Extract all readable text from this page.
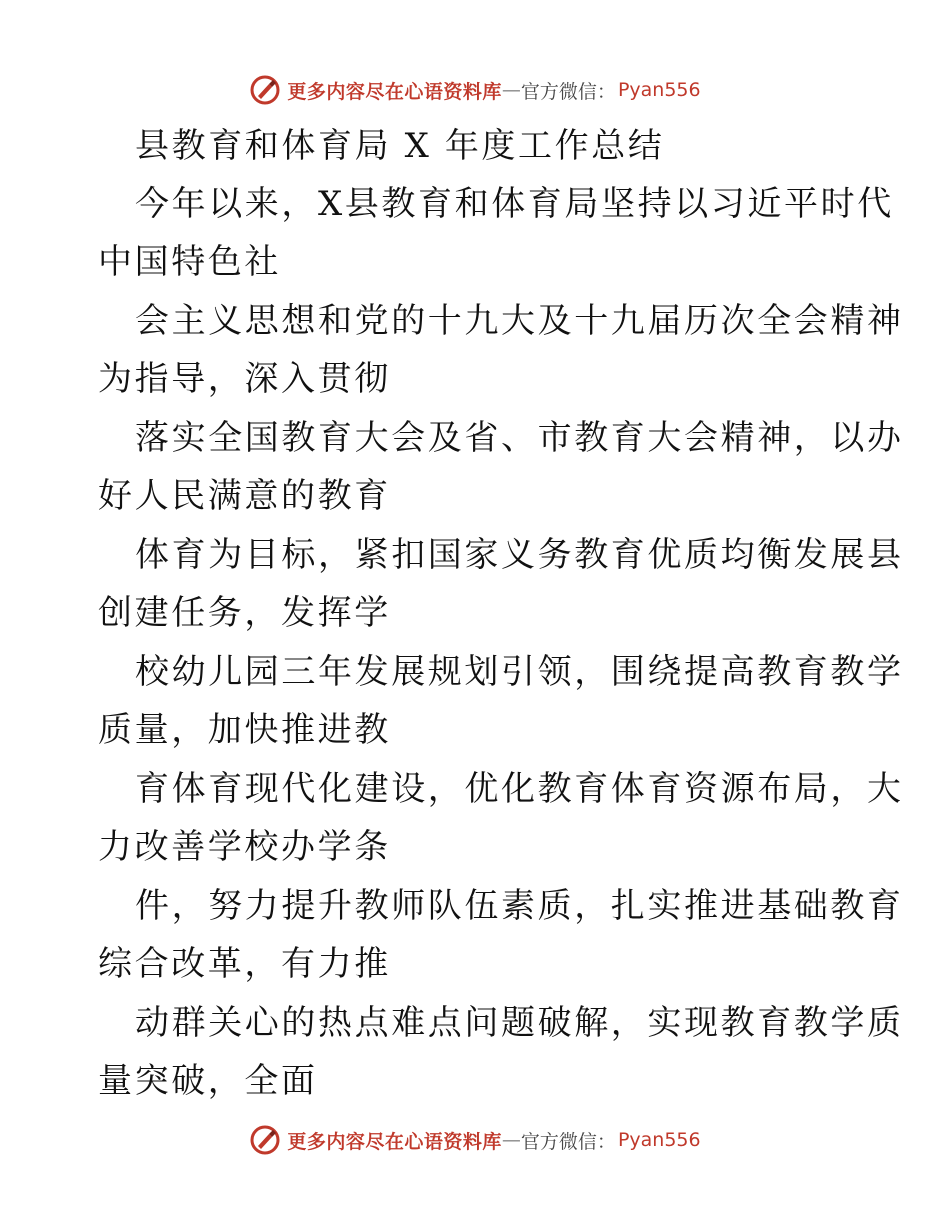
更多内容尽在心语资料库 — 官方微信： Pyan556
县教育和体育局 X 年度工作总结
今年以来，X县教育和体育局坚持以习近平时代
中国特色社
会主义思想和党的十九大及十九届历次全会精神
为指导，深入贯彻
落实全国教育大会及省、市教育大会精神，以办
好人民满意的教育
体育为目标，紧扣国家义务教育优质均衡发展县
创建任务，发挥学
校幼儿园三年发展规划引领，围绕提高教育教学
质量，加快推进教
育体育现代化建设，优化教育体育资源布局，大
力改善学校办学条
件，努力提升教师队伍素质，扎实推进基础教育
综合改革，有力推
动群关心的热点难点问题破解，实现教育教学质
量突破，全面
更多内容尽在心语资料库 — 官方微信： Pyan556
